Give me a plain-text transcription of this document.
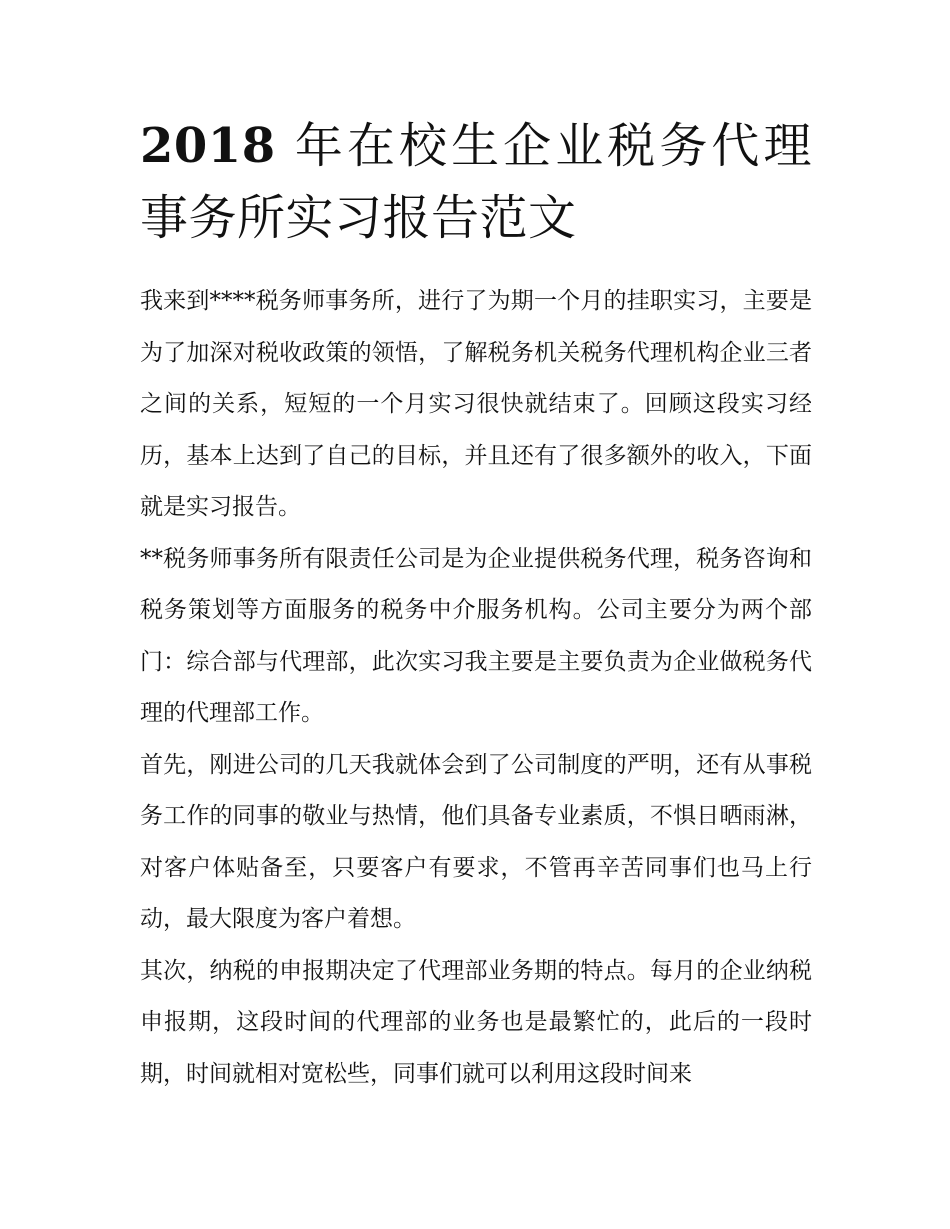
2018 年在校生企业税务代理事务所实习报告范文

我来到****税务师事务所，进行了为期一个月的挂职实习，主要是为了加深对税收政策的领悟，了解税务机关税务代理机构企业三者之间的关系，短短的一个月实习很快就结束了。回顾这段实习经历，基本上达到了自己的目标，并且还有了很多额外的收入，下面就是实习报告。

**税务师事务所有限责任公司是为企业提供税务代理，税务咨询和税务策划等方面服务的税务中介服务机构。公司主要分为两个部门：综合部与代理部，此次实习我主要是主要负责为企业做税务代理的代理部工作。

首先，刚进公司的几天我就体会到了公司制度的严明，还有从事税务工作的同事的敬业与热情，他们具备专业素质，不惧日晒雨淋，对客户体贴备至，只要客户有要求，不管再辛苦同事们也马上行动，最大限度为客户着想。

其次，纳税的申报期决定了代理部业务期的特点。每月的企业纳税申报期，这段时间的代理部的业务也是最繁忙的，此后的一段时期，时间就相对宽松些，同事们就可以利用这段时间来
